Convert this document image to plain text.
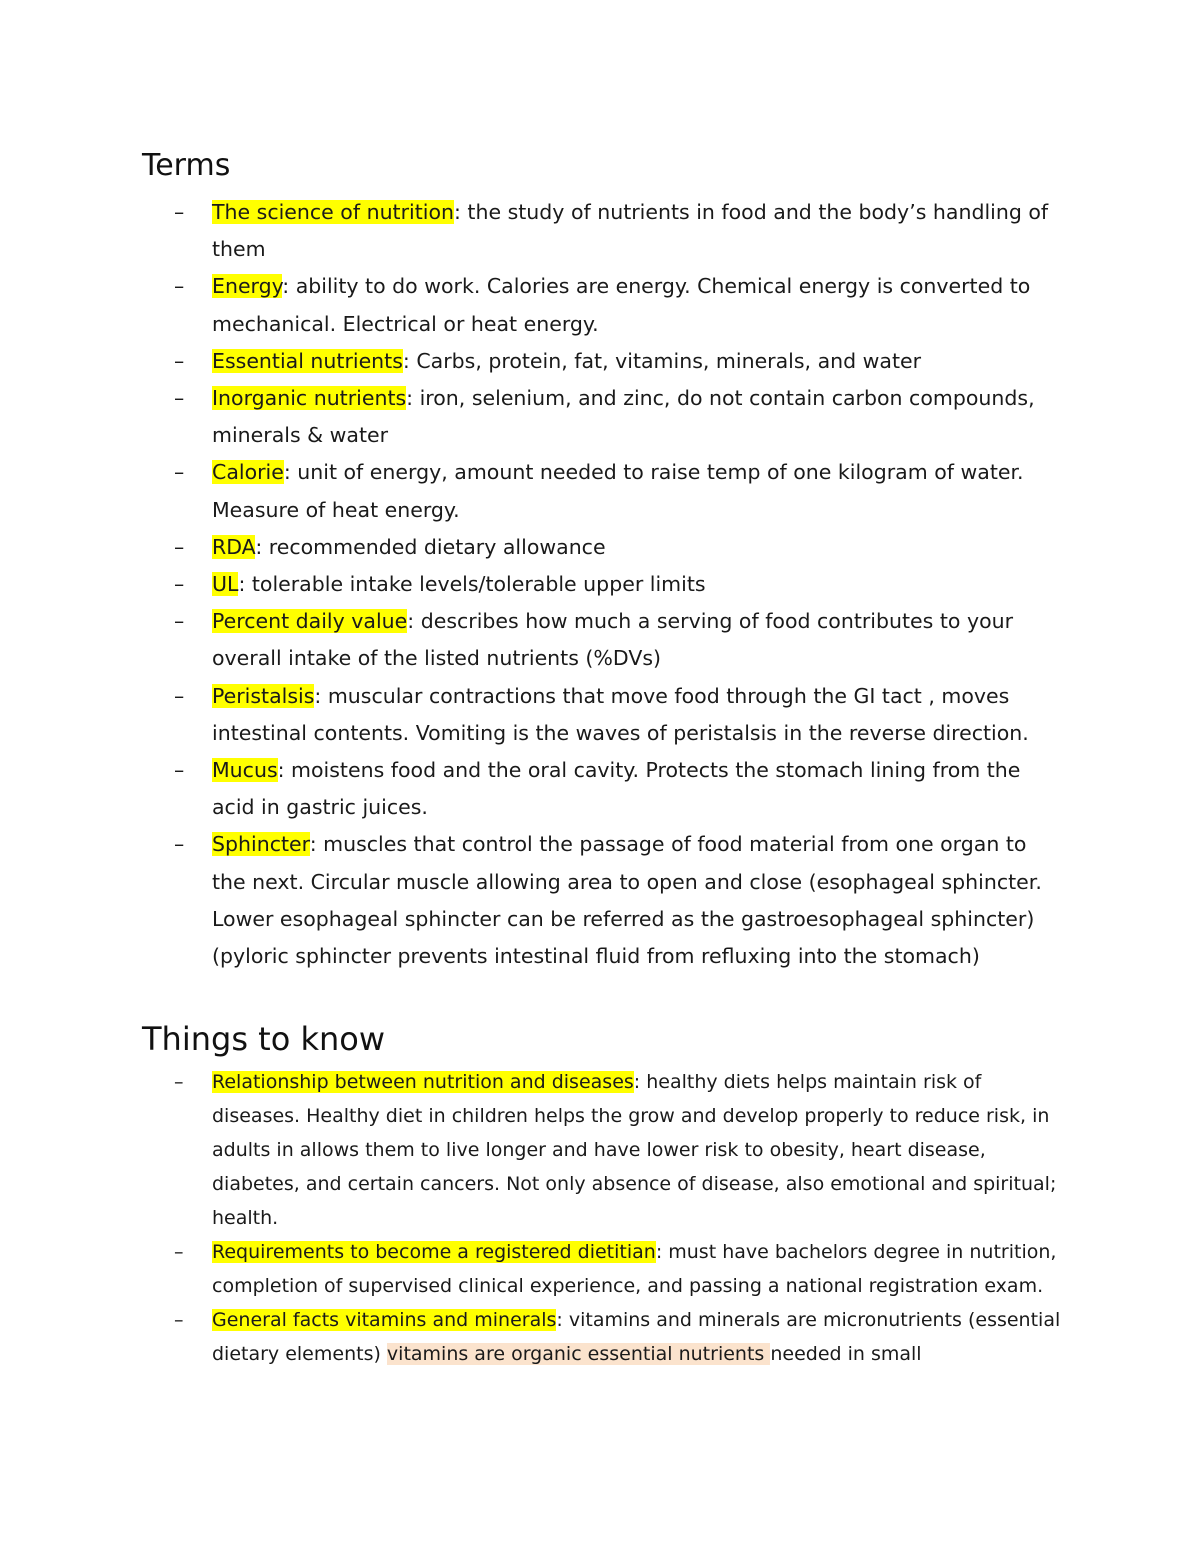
Terms
– The science of nutrition: the study of nutrients in food and the body’s handling of them
– Energy: ability to do work. Calories are energy. Chemical energy is converted to mechanical. Electrical or heat energy.
– Essential nutrients: Carbs, protein, fat, vitamins, minerals, and water
– Inorganic nutrients: iron, selenium, and zinc, do not contain carbon compounds, minerals & water
– Calorie: unit of energy, amount needed to raise temp of one kilogram of water. Measure of heat energy.
– RDA: recommended dietary allowance
– UL: tolerable intake levels/tolerable upper limits
– Percent daily value: describes how much a serving of food contributes to your overall intake of the listed nutrients (%DVs)
– Peristalsis: muscular contractions that move food through the GI tact , moves intestinal contents. Vomiting is the waves of peristalsis in the reverse direction.
– Mucus: moistens food and the oral cavity. Protects the stomach lining from the acid in gastric juices.
– Sphincter: muscles that control the passage of food material from one organ to the next. Circular muscle allowing area to open and close (esophageal sphincter. Lower esophageal sphincter can be referred as the gastroesophageal sphincter) (pyloric sphincter prevents intestinal fluid from refluxing into the stomach)
Things to know
– Relationship between nutrition and diseases: healthy diets helps maintain risk of diseases. Healthy diet in children helps the grow and develop properly to reduce risk, in adults in allows them to live longer and have lower risk to obesity, heart disease, diabetes, and certain cancers. Not only absence of disease, also emotional and spiritual; health.
– Requirements to become a registered dietitian: must have bachelors degree in nutrition, completion of supervised clinical experience, and passing a national registration exam.
– General facts vitamins and minerals: vitamins and minerals are micronutrients (essential dietary elements) vitamins are organic essential nutrients needed in small
